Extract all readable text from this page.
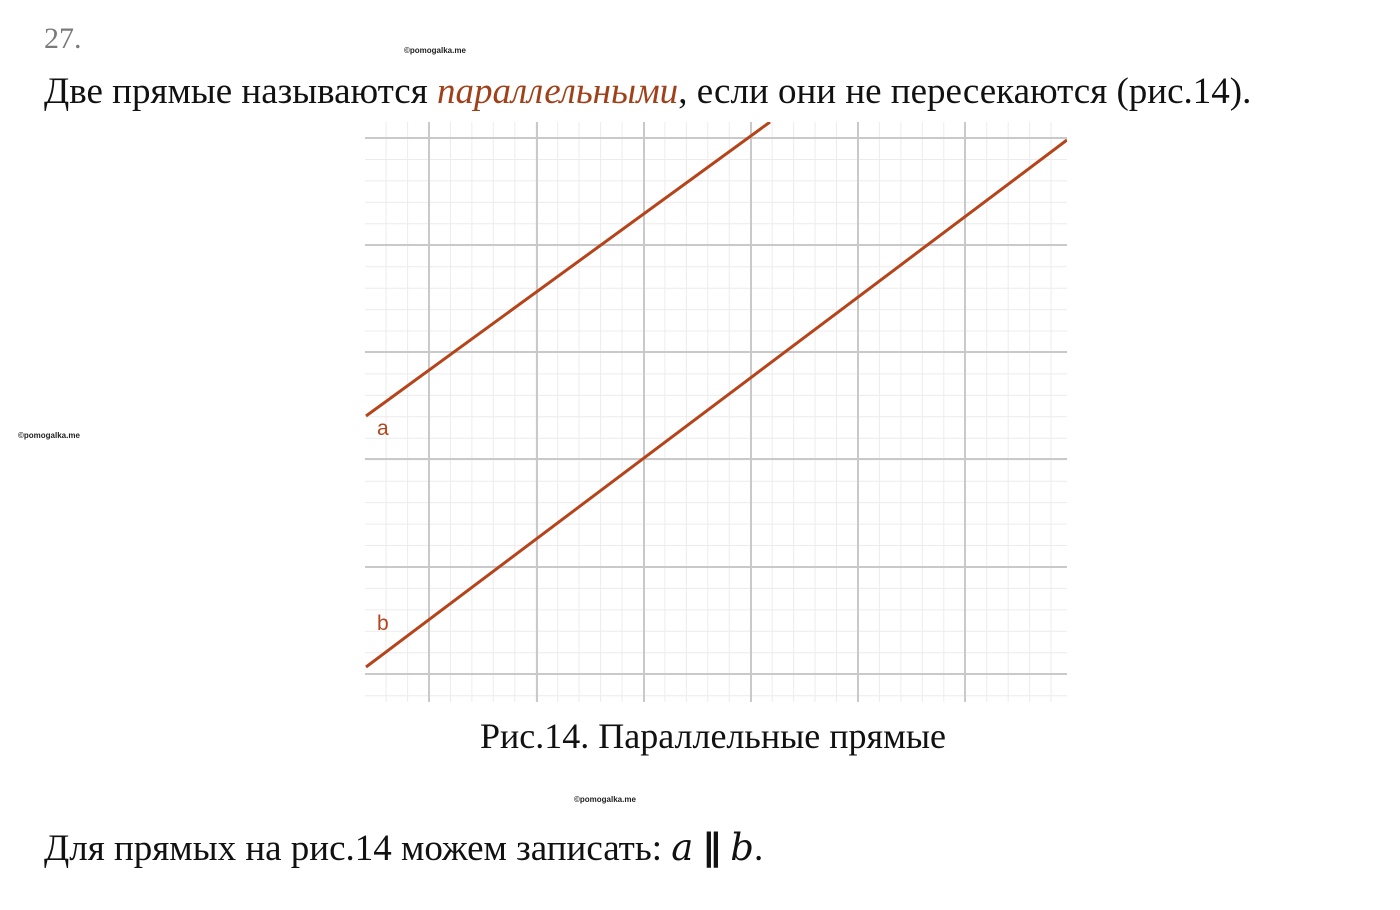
27.	©pomogalka.me
©pomogalka.me
©pomogalka.me
Две прямые называются параллельными, если они не пересекаются (рис.14).
a
b
Рис.14. Параллельные прямые
Для прямых на рис.14 можем записать: a ∥ b.
